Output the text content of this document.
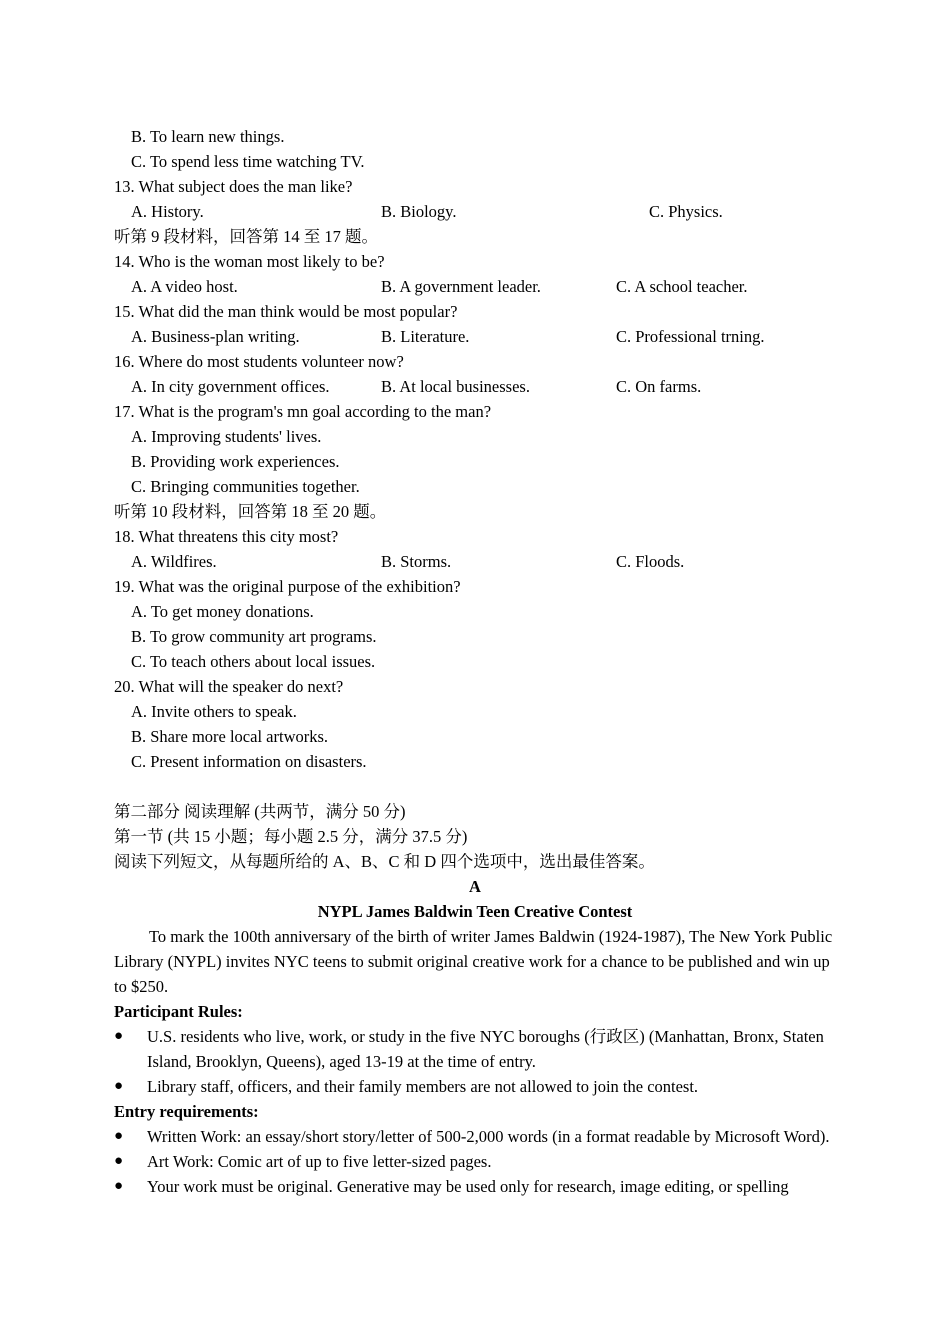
B. To learn new things.
C. To spend less time watching TV.
13. What subject does the man like?
A. History.	B. Biology.	C. Physics.
听第 9 段材料，回答第 14 至 17 题。
14. Who is the woman most likely to be?
A. A video host.	B. A government leader.	C. A school teacher.
15. What did the man think would be most popular?
A. Business-plan writing.	B. Literature.	C. Professional trning.
16. Where do most students volunteer now?
A. In city government offices.	B. At local businesses.	C. On farms.
17. What is the program's mn goal according to the man?
A. Improving students' lives.
B. Providing work experiences.
C. Bringing communities together.
听第 10 段材料，回答第 18 至 20 题。
18. What threatens this city most?
A. Wildfires.	B. Storms.	C. Floods.
19. What was the original purpose of the exhibition?
A. To get money donations.
B. To grow community art programs.
C. To teach others about local issues.
20. What will the speaker do next?
A. Invite others to speak.
B. Share more local artworks.
C. Present information on disasters.
第二部分 阅读理解 (共两节，满分 50 分)
第一节 (共 15 小题；每小题 2.5 分，满分 37.5 分)
阅读下列短文，从每题所给的 A、B、C 和 D 四个选项中，选出最佳答案。
A
NYPL James Baldwin Teen Creative Contest
To mark the 100th anniversary of the birth of writer James Baldwin (1924-1987), The New York Public Library (NYPL) invites NYC teens to submit original creative work for a chance to be published and win up to $250.
Participant Rules:
● U.S. residents who live, work, or study in the five NYC boroughs (行政区) (Manhattan, Bronx, Staten Island, Brooklyn, Queens), aged 13-19 at the time of entry.
● Library staff, officers, and their family members are not allowed to join the contest.
Entry requirements:
● Written Work: an essay/short story/letter of 500-2,000 words (in a format readable by Microsoft Word).
● Art Work: Comic art of up to five letter-sized pages.
● Your work must be original. Generative may be used only for research, image editing, or spelling
